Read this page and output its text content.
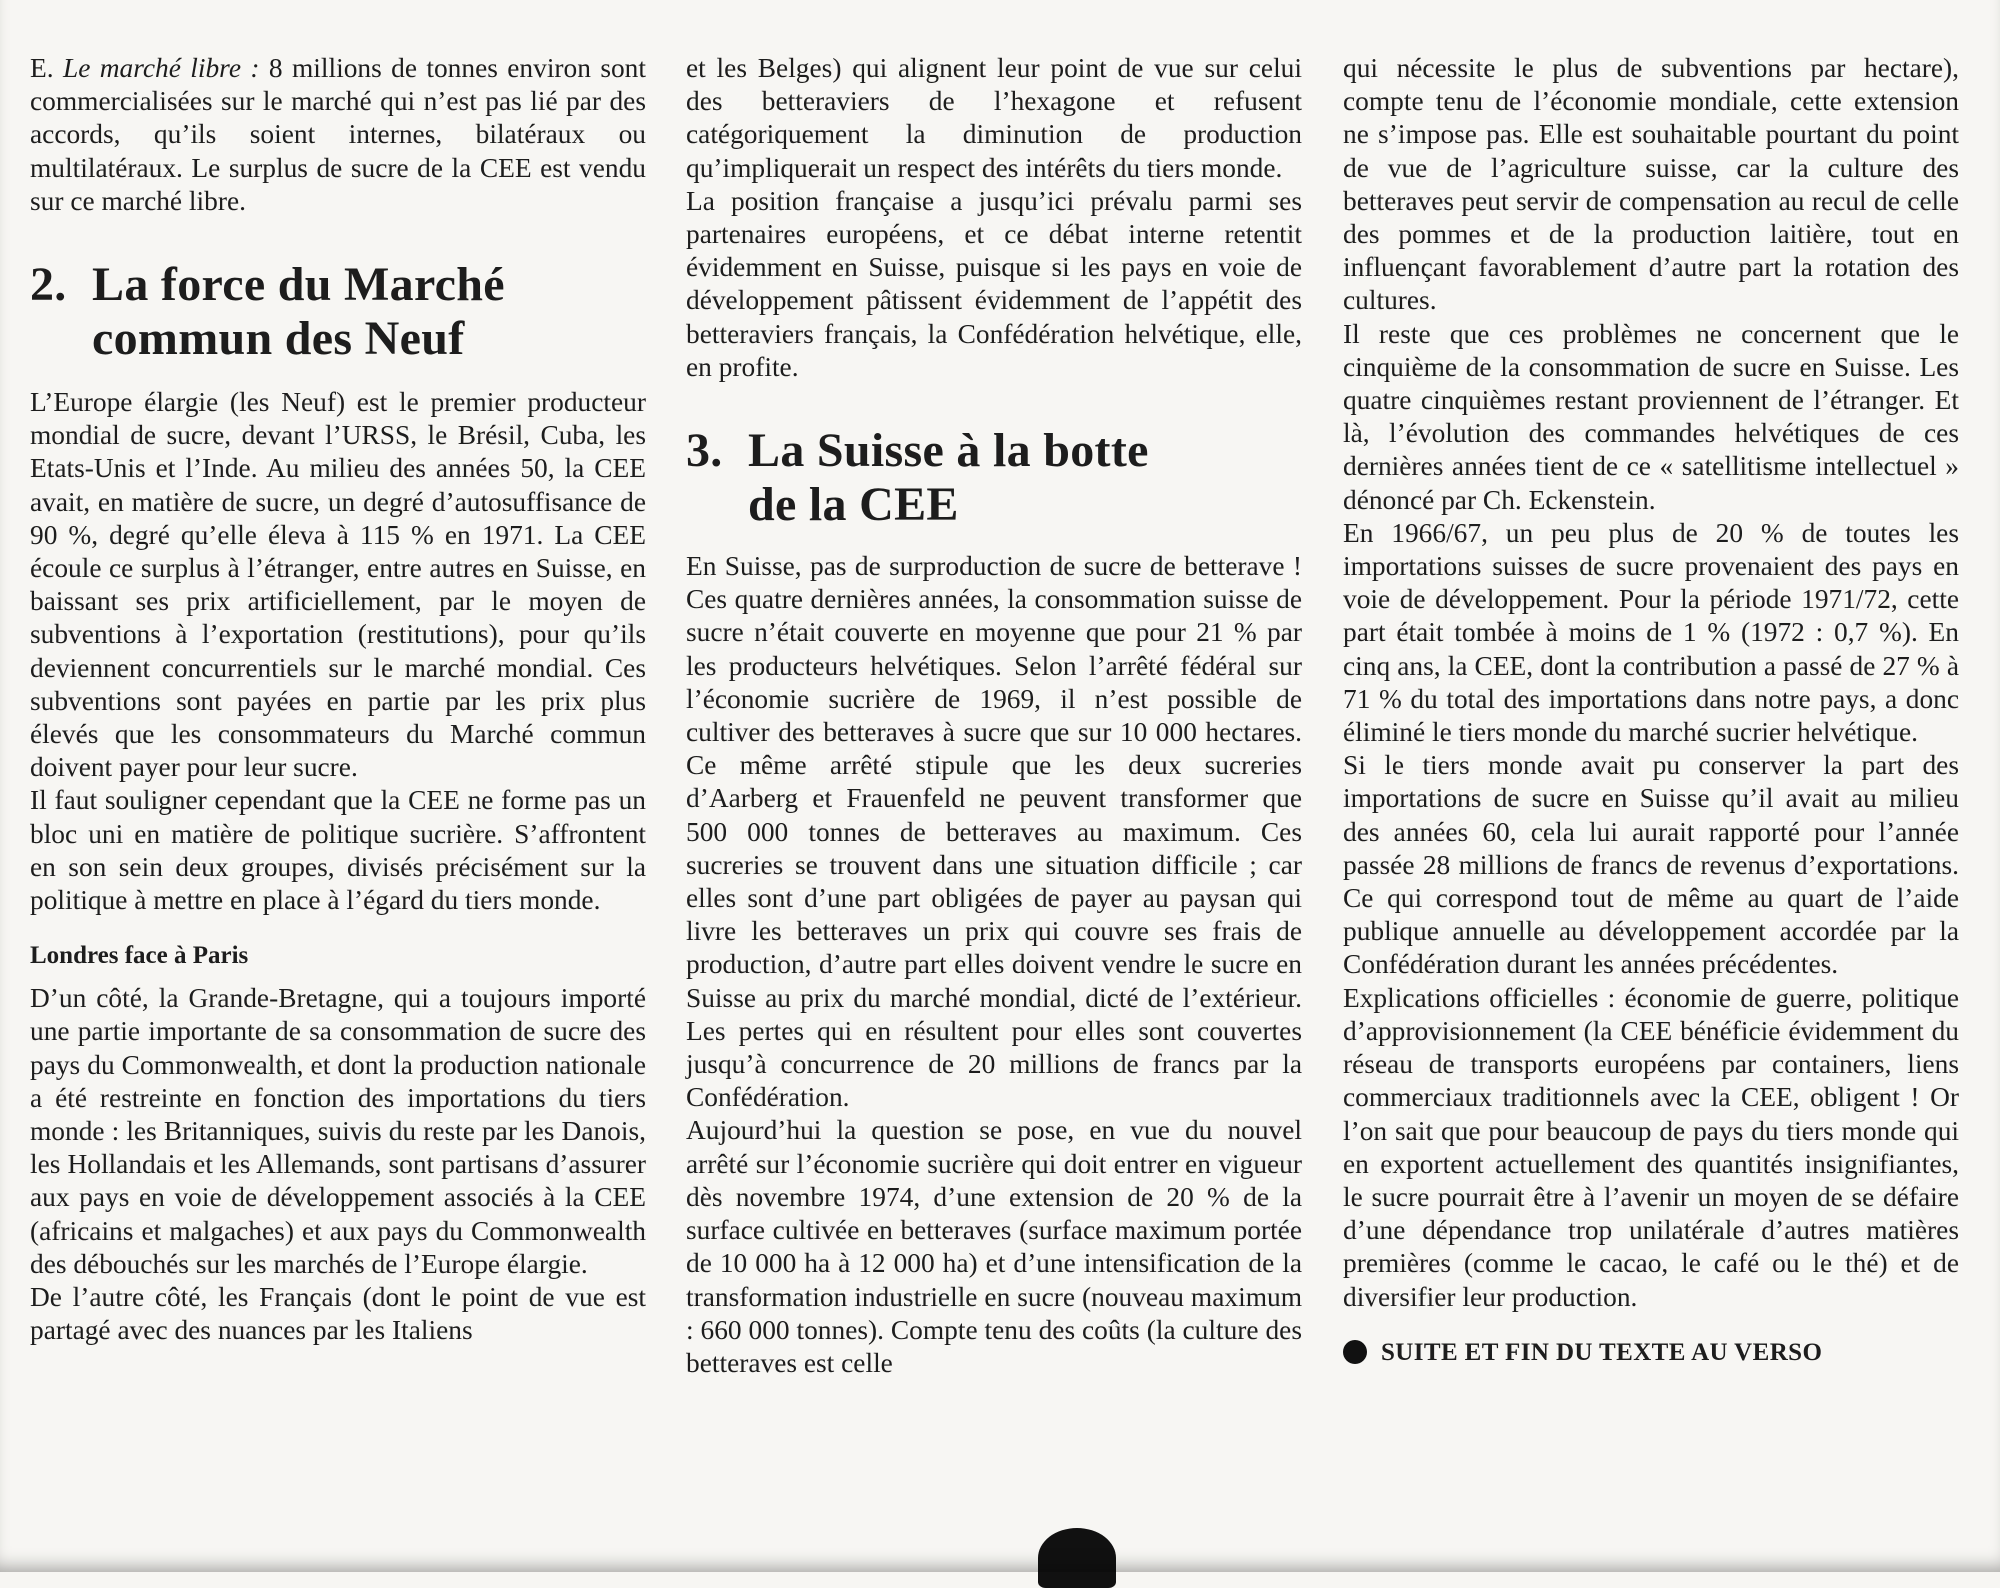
E. Le marché libre : 8 millions de tonnes environ sont commercialisées sur le marché qui n’est pas lié par des accords, qu’ils soient internes, bilatéraux ou multilatéraux. Le surplus de sucre de la CEE est vendu sur ce marché libre.

2. La force du Marché
commun des Neuf

L’Europe élargie (les Neuf) est le premier producteur mondial de sucre, devant l’URSS, le Brésil, Cuba, les Etats-Unis et l’Inde. Au milieu des années 50, la CEE avait, en matière de sucre, un degré d’autosuffisance de 90 %, degré qu’elle éleva à 115 % en 1971. La CEE écoule ce surplus à l’étranger, entre autres en Suisse, en baissant ses prix artificiellement, par le moyen de subventions à l’exportation (restitutions), pour qu’ils deviennent concurrentiels sur le marché mondial. Ces subventions sont payées en partie par les prix plus élevés que les consommateurs du Marché commun doivent payer pour leur sucre.

Il faut souligner cependant que la CEE ne forme pas un bloc uni en matière de politique sucrière. S’affrontent en son sein deux groupes, divisés précisément sur la politique à mettre en place à l’égard du tiers monde.

Londres face à Paris

D’un côté, la Grande-Bretagne, qui a toujours importé une partie importante de sa consommation de sucre des pays du Commonwealth, et dont la production nationale a été restreinte en fonction des importations du tiers monde : les Britanniques, suivis du reste par les Danois, les Hollandais et les Allemands, sont partisans d’assurer aux pays en voie de développement associés à la CEE (africains et malgaches) et aux pays du Commonwealth des débouchés sur les marchés de l’Europe élargie.

De l’autre côté, les Français (dont le point de vue est partagé avec des nuances par les Italiens

et les Belges) qui alignent leur point de vue sur celui des betteraviers de l’hexagone et refusent catégoriquement la diminution de production qu’impliquerait un respect des intérêts du tiers monde.

La position française a jusqu’ici prévalu parmi ses partenaires européens, et ce débat interne retentit évidemment en Suisse, puisque si les pays en voie de développement pâtissent évidemment de l’appétit des betteraviers français, la Confédération helvétique, elle, en profite.

3. La Suisse à la botte
de la CEE

En Suisse, pas de surproduction de sucre de betterave ! Ces quatre dernières années, la consommation suisse de sucre n’était couverte en moyenne que pour 21 % par les producteurs helvétiques. Selon l’arrêté fédéral sur l’économie sucrière de 1969, il n’est possible de cultiver des betteraves à sucre que sur 10 000 hectares. Ce même arrêté stipule que les deux sucreries d’Aarberg et Frauenfeld ne peuvent transformer que 500 000 tonnes de betteraves au maximum. Ces sucreries se trouvent dans une situation difficile ; car elles sont d’une part obligées de payer au paysan qui livre les betteraves un prix qui couvre ses frais de production, d’autre part elles doivent vendre le sucre en Suisse au prix du marché mondial, dicté de l’extérieur. Les pertes qui en résultent pour elles sont couvertes jusqu’à concurrence de 20 millions de francs par la Confédération.

Aujourd’hui la question se pose, en vue du nouvel arrêté sur l’économie sucrière qui doit entrer en vigueur dès novembre 1974, d’une extension de 20 % de la surface cultivée en betteraves (surface maximum portée de 10 000 ha à 12 000 ha) et d’une intensification de la transformation industrielle en sucre (nouveau maximum : 660 000 tonnes). Compte tenu des coûts (la culture des betteraves est celle

qui nécessite le plus de subventions par hectare), compte tenu de l’économie mondiale, cette extension ne s’impose pas. Elle est souhaitable pourtant du point de vue de l’agriculture suisse, car la culture des betteraves peut servir de compensation au recul de celle des pommes et de la production laitière, tout en influençant favorablement d’autre part la rotation des cultures.

Il reste que ces problèmes ne concernent que le cinquième de la consommation de sucre en Suisse. Les quatre cinquièmes restant proviennent de l’étranger. Et là, l’évolution des commandes helvétiques de ces dernières années tient de ce « satellitisme intellectuel » dénoncé par Ch. Eckenstein.

En 1966/67, un peu plus de 20 % de toutes les importations suisses de sucre provenaient des pays en voie de développement. Pour la période 1971/72, cette part était tombée à moins de 1 % (1972 : 0,7 %). En cinq ans, la CEE, dont la contribution a passé de 27 % à 71 % du total des importations dans notre pays, a donc éliminé le tiers monde du marché sucrier helvétique.

Si le tiers monde avait pu conserver la part des importations de sucre en Suisse qu’il avait au milieu des années 60, cela lui aurait rapporté pour l’année passée 28 millions de francs de revenus d’exportations. Ce qui correspond tout de même au quart de l’aide publique annuelle au développement accordée par la Confédération durant les années précédentes.

Explications officielles : économie de guerre, politique d’approvisionnement (la CEE bénéficie évidemment du réseau de transports européens par containers, liens commerciaux traditionnels avec la CEE, obligent ! Or l’on sait que pour beaucoup de pays du tiers monde qui en exportent actuellement des quantités insignifiantes, le sucre pourrait être à l’avenir un moyen de se défaire d’une dépendance trop unilatérale d’autres matières premières (comme le cacao, le café ou le thé) et de diversifier leur production.

SUITE ET FIN DU TEXTE AU VERSO
